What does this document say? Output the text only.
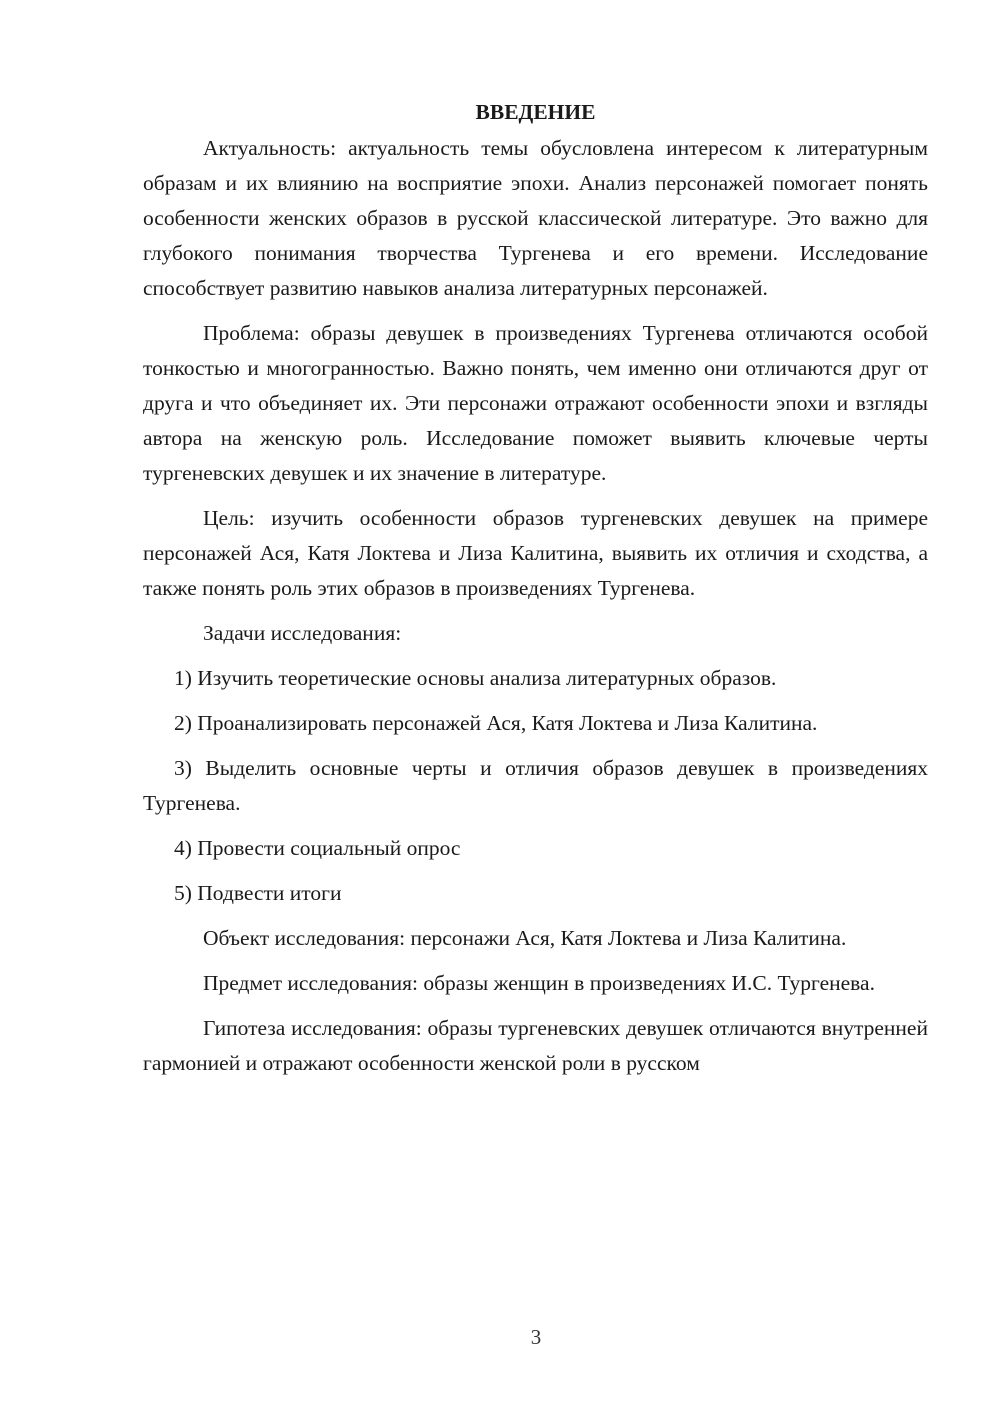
ВВЕДЕНИЕ

Актуальность: актуальность темы обусловлена интересом к литературным образам и их влиянию на восприятие эпохи. Анализ персонажей помогает понять особенности женских образов в русской классической литературе. Это важно для глубокого понимания творчества Тургенева и его времени. Исследование способствует развитию навыков анализа литературных персонажей.

Проблема: образы девушек в произведениях Тургенева отличаются особой тонкостью и многогранностью. Важно понять, чем именно они отличаются друг от друга и что объединяет их. Эти персонажи отражают особенности эпохи и взгляды автора на женскую роль. Исследование поможет выявить ключевые черты тургеневских девушек и их значение в литературе.

Цель: изучить особенности образов тургеневских девушек на примере персонажей Ася, Катя Локтева и Лиза Калитина, выявить их отличия и сходства, а также понять роль этих образов в произведениях Тургенева.

Задачи исследования:

1) Изучить теоретические основы анализа литературных образов.

2) Проанализировать персонажей Ася, Катя Локтева и Лиза Калитина.

3) Выделить основные черты и отличия образов девушек в произведениях Тургенева.

4) Провести социальный опрос

5) Подвести итоги

Объект исследования: персонажи Ася, Катя Локтева и Лиза Калитина.

Предмет исследования: образы женщин в произведениях И.С. Тургенева.

Гипотеза исследования: образы тургеневских девушек отличаются внутренней гармонией и отражают особенности женской роли в русском

3
